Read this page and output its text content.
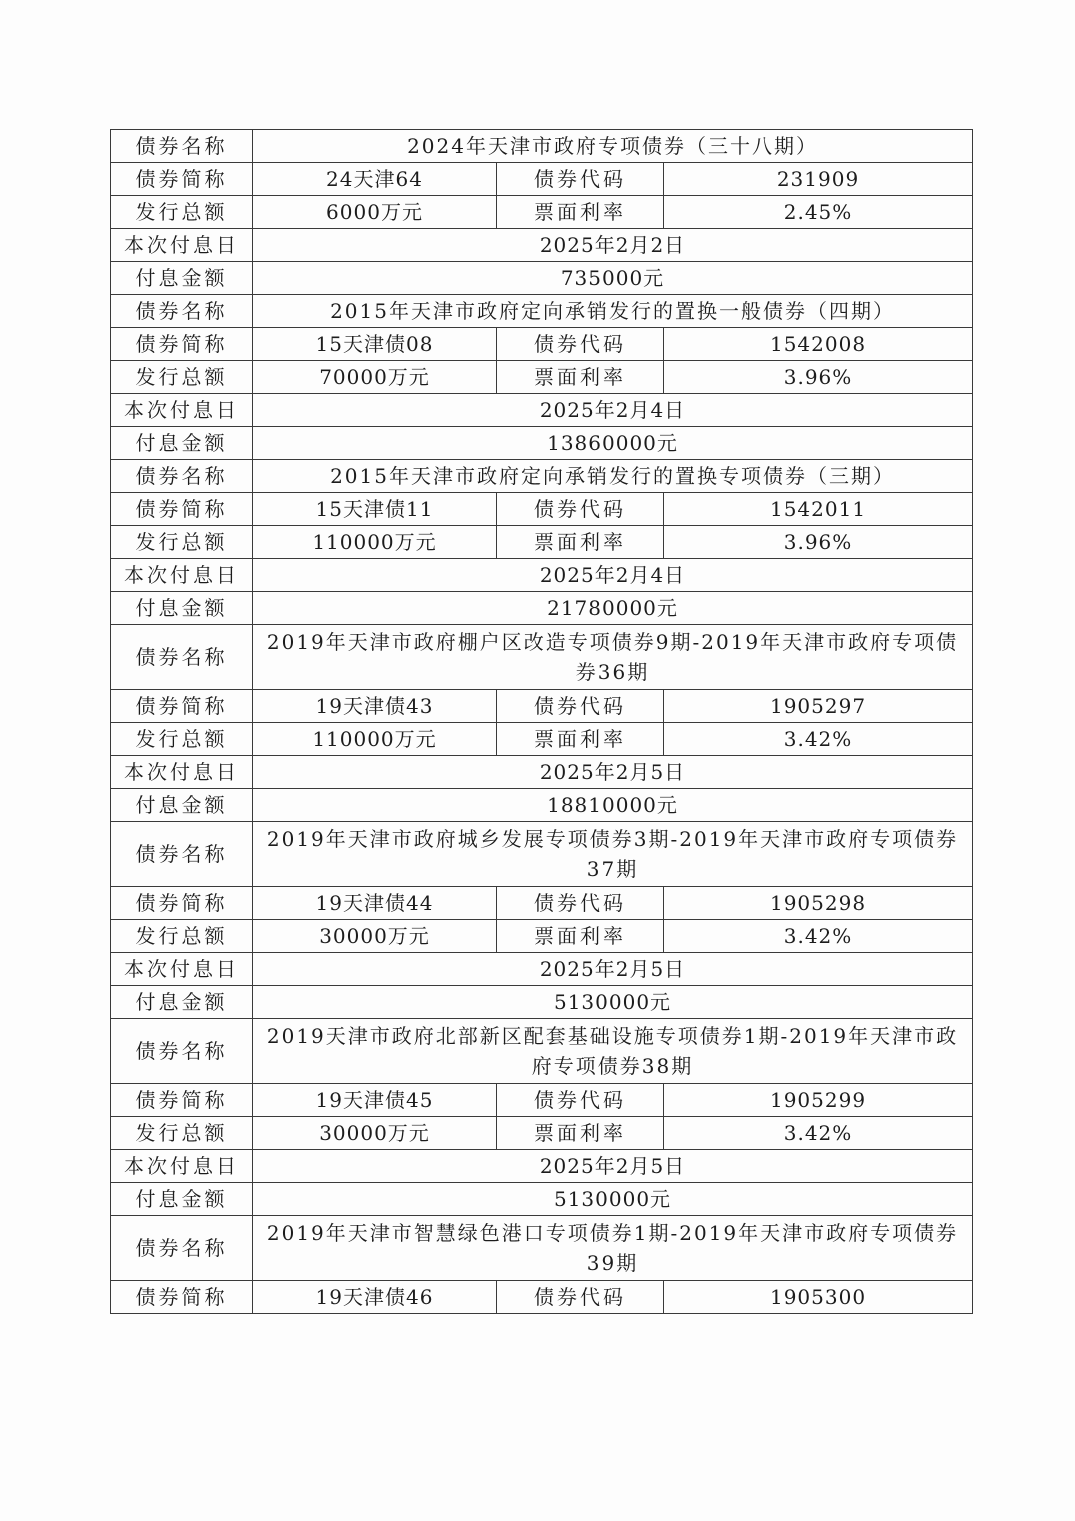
债券名称	2024年天津市政府专项债券（三十八期）		
债券简称	24天津64	债券代码	231909
发行总额	6000万元	票面利率	2.45%
本次付息日	2025年2月2日		
付息金额	735000元		
债券名称	2015年天津市政府定向承销发行的置换一般债券（四期）		
债券简称	15天津债08	债券代码	1542008
发行总额	70000万元	票面利率	3.96%
本次付息日	2025年2月4日		
付息金额	13860000元		
债券名称	2015年天津市政府定向承销发行的置换专项债券（三期）		
债券简称	15天津债11	债券代码	1542011
发行总额	110000万元	票面利率	3.96%
本次付息日	2025年2月4日		
付息金额	21780000元		
债券名称	2019年天津市政府棚户区改造专项债券9期-2019年天津市政府专项债券36期		
债券简称	19天津债43	债券代码	1905297
发行总额	110000万元	票面利率	3.42%
本次付息日	2025年2月5日		
付息金额	18810000元		
债券名称	2019年天津市政府城乡发展专项债券3期-2019年天津市政府专项债券37期		
债券简称	19天津债44	债券代码	1905298
发行总额	30000万元	票面利率	3.42%
本次付息日	2025年2月5日		
付息金额	5130000元		
债券名称	2019天津市政府北部新区配套基础设施专项债券1期-2019年天津市政府专项债券38期		
债券简称	19天津债45	债券代码	1905299
发行总额	30000万元	票面利率	3.42%
本次付息日	2025年2月5日		
付息金额	5130000元		
债券名称	2019年天津市智慧绿色港口专项债券1期-2019年天津市政府专项债券39期		
债券简称	19天津债46	债券代码	1905300
